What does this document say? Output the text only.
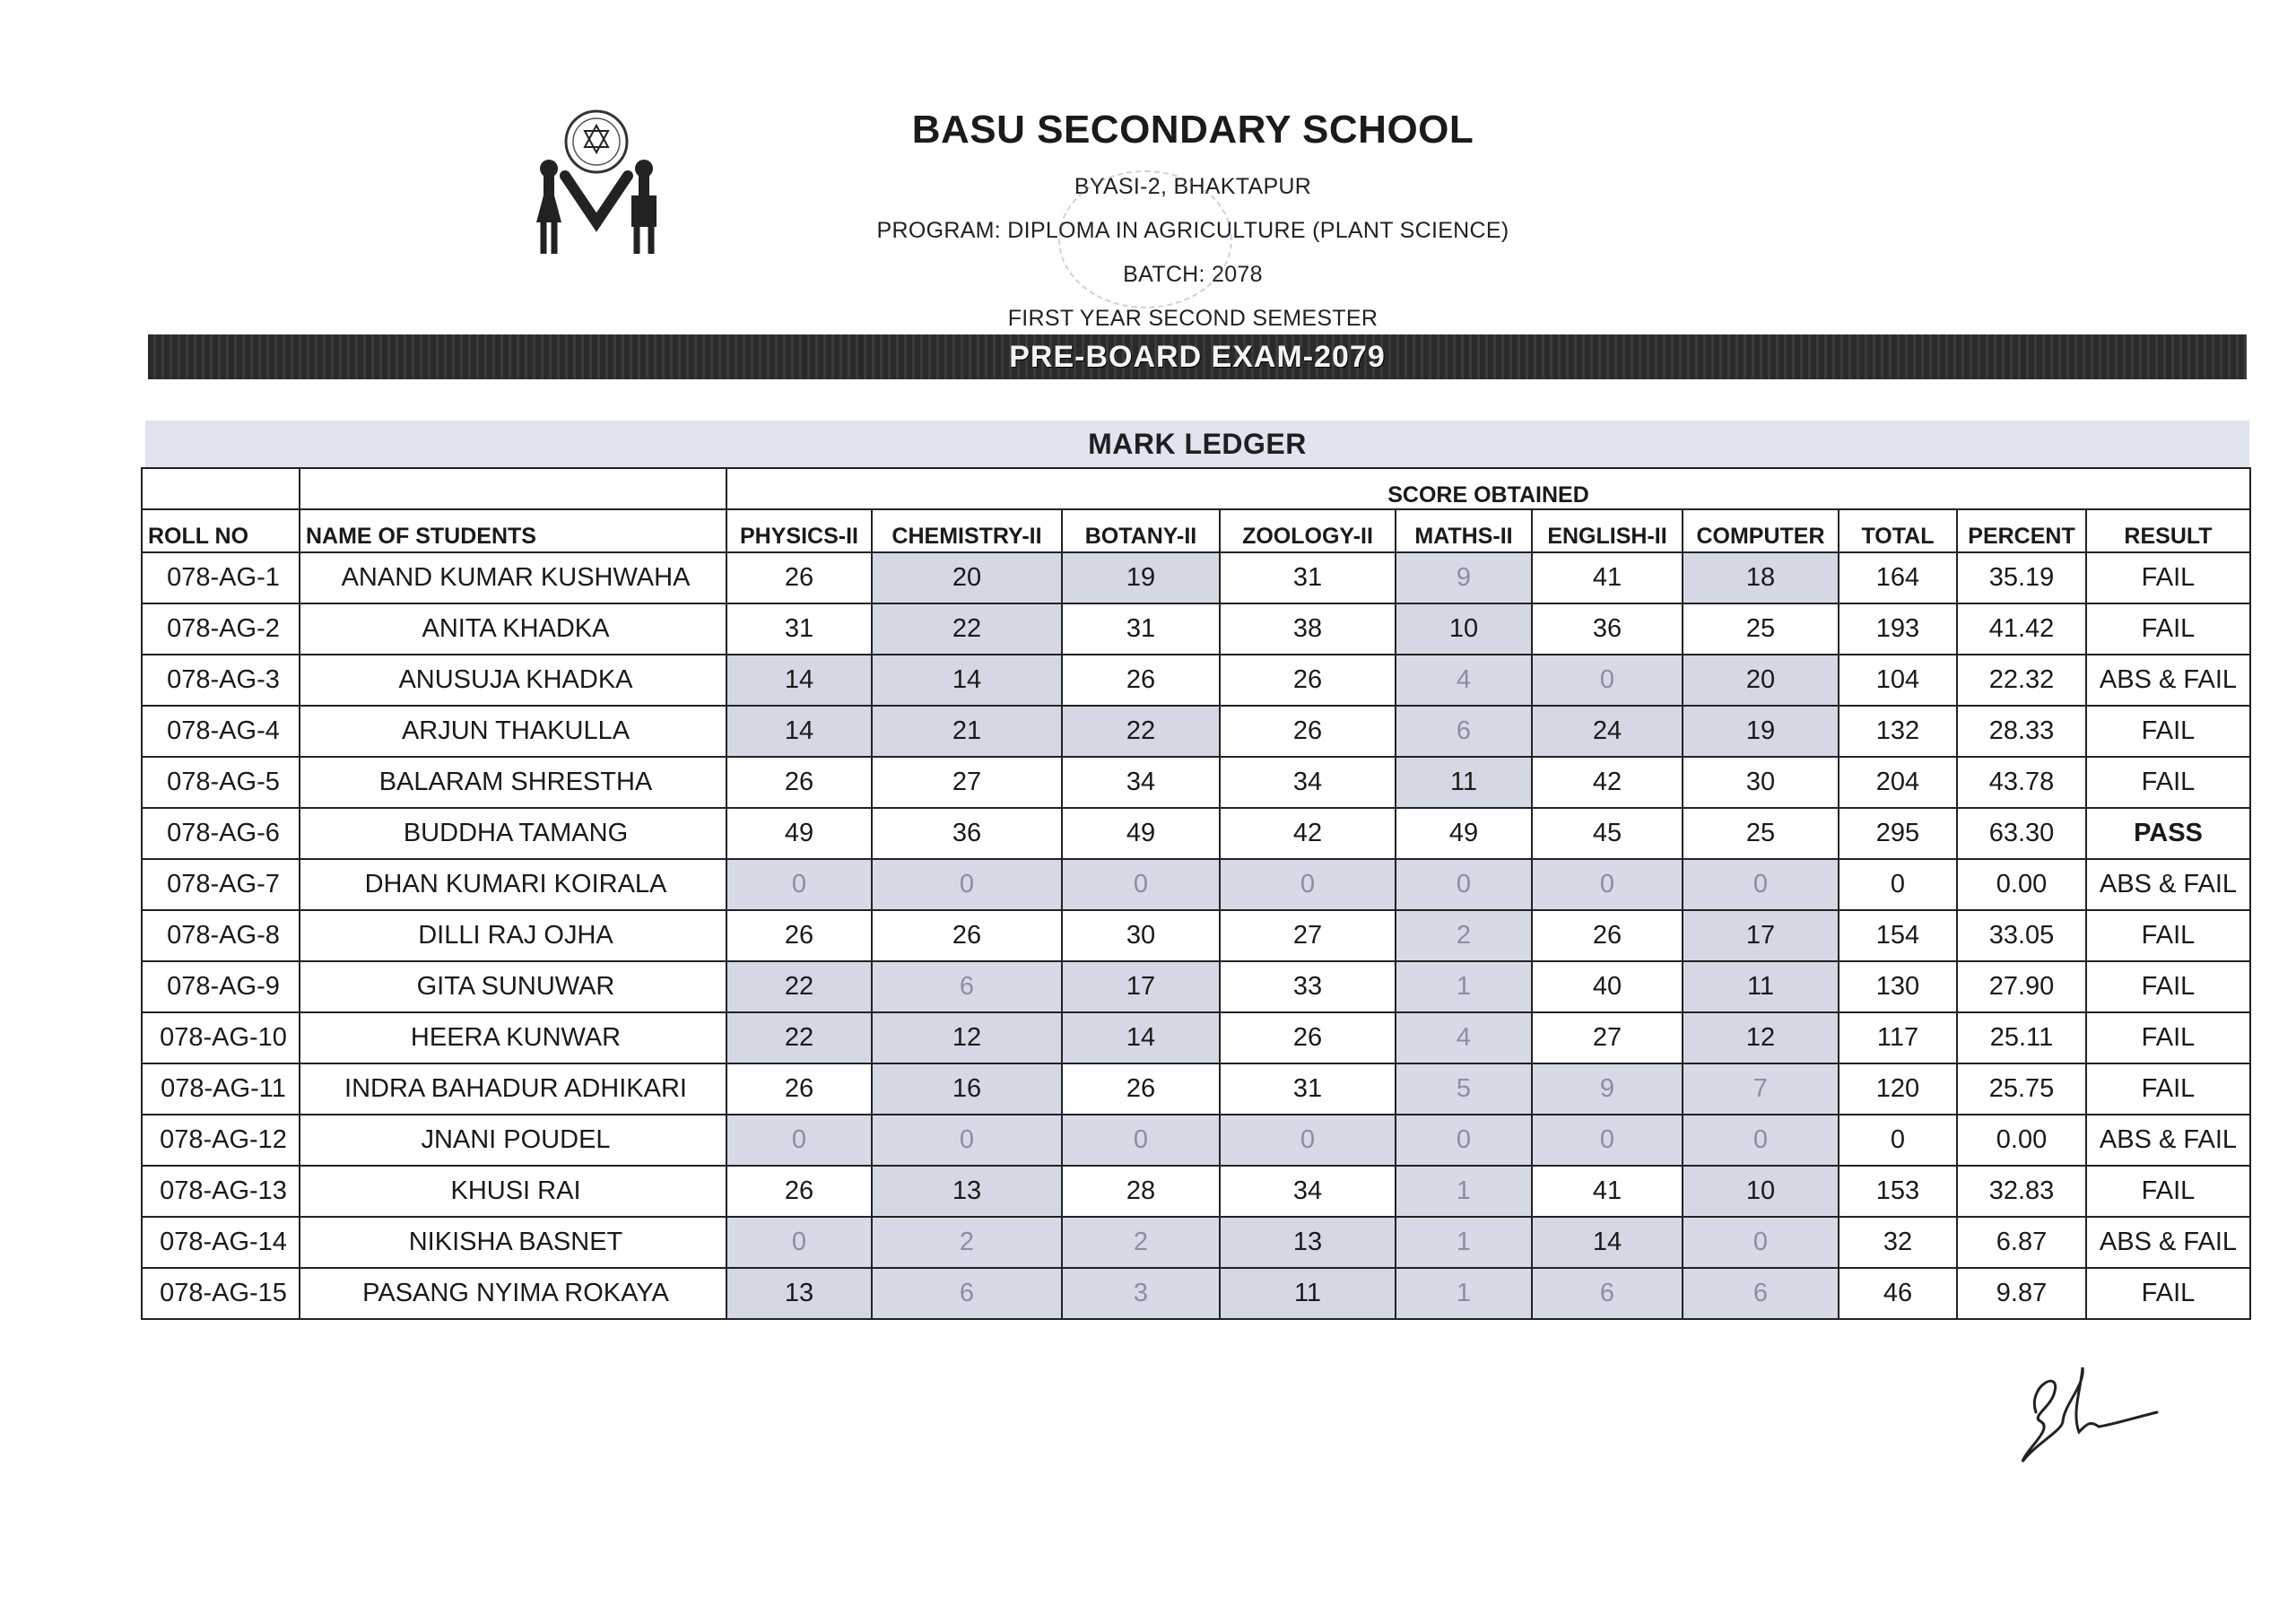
BASU SECONDARY SCHOOL
BYASI-2, BHAKTAPUR
PROGRAM: DIPLOMA IN AGRICULTURE (PLANT SCIENCE)
BATCH: 2078
FIRST YEAR SECOND SEMESTER
PRE-BOARD EXAM-2079
MARK LEDGER
		SCORE OBTAINED									
ROLL NO	NAME OF STUDENTS	PHYSICS-II	CHEMISTRY-II	BOTANY-II	ZOOLOGY-II	MATHS-II	ENGLISH-II	COMPUTER	TOTAL	PERCENT	RESULT
078-AG-1	ANAND KUMAR KUSHWAHA	26	20	19	31	9	41	18	164	35.19	FAIL
078-AG-2	ANITA KHADKA	31	22	31	38	10	36	25	193	41.42	FAIL
078-AG-3	ANUSUJA KHADKA	14	14	26	26	4	0	20	104	22.32	ABS & FAIL
078-AG-4	ARJUN THAKULLA	14	21	22	26	6	24	19	132	28.33	FAIL
078-AG-5	BALARAM SHRESTHA	26	27	34	34	11	42	30	204	43.78	FAIL
078-AG-6	BUDDHA TAMANG	49	36	49	42	49	45	25	295	63.30	PASS
078-AG-7	DHAN KUMARI KOIRALA	0	0	0	0	0	0	0	0	0.00	ABS & FAIL
078-AG-8	DILLI RAJ OJHA	26	26	30	27	2	26	17	154	33.05	FAIL
078-AG-9	GITA SUNUWAR	22	6	17	33	1	40	11	130	27.90	FAIL
078-AG-10	HEERA KUNWAR	22	12	14	26	4	27	12	117	25.11	FAIL
078-AG-11	INDRA BAHADUR ADHIKARI	26	16	26	31	5	9	7	120	25.75	FAIL
078-AG-12	JNANI POUDEL	0	0	0	0	0	0	0	0	0.00	ABS & FAIL
078-AG-13	KHUSI RAI	26	13	28	34	1	41	10	153	32.83	FAIL
078-AG-14	NIKISHA BASNET	0	2	2	13	1	14	0	32	6.87	ABS & FAIL
078-AG-15	PASANG NYIMA ROKAYA	13	6	3	11	1	6	6	46	9.87	FAIL
